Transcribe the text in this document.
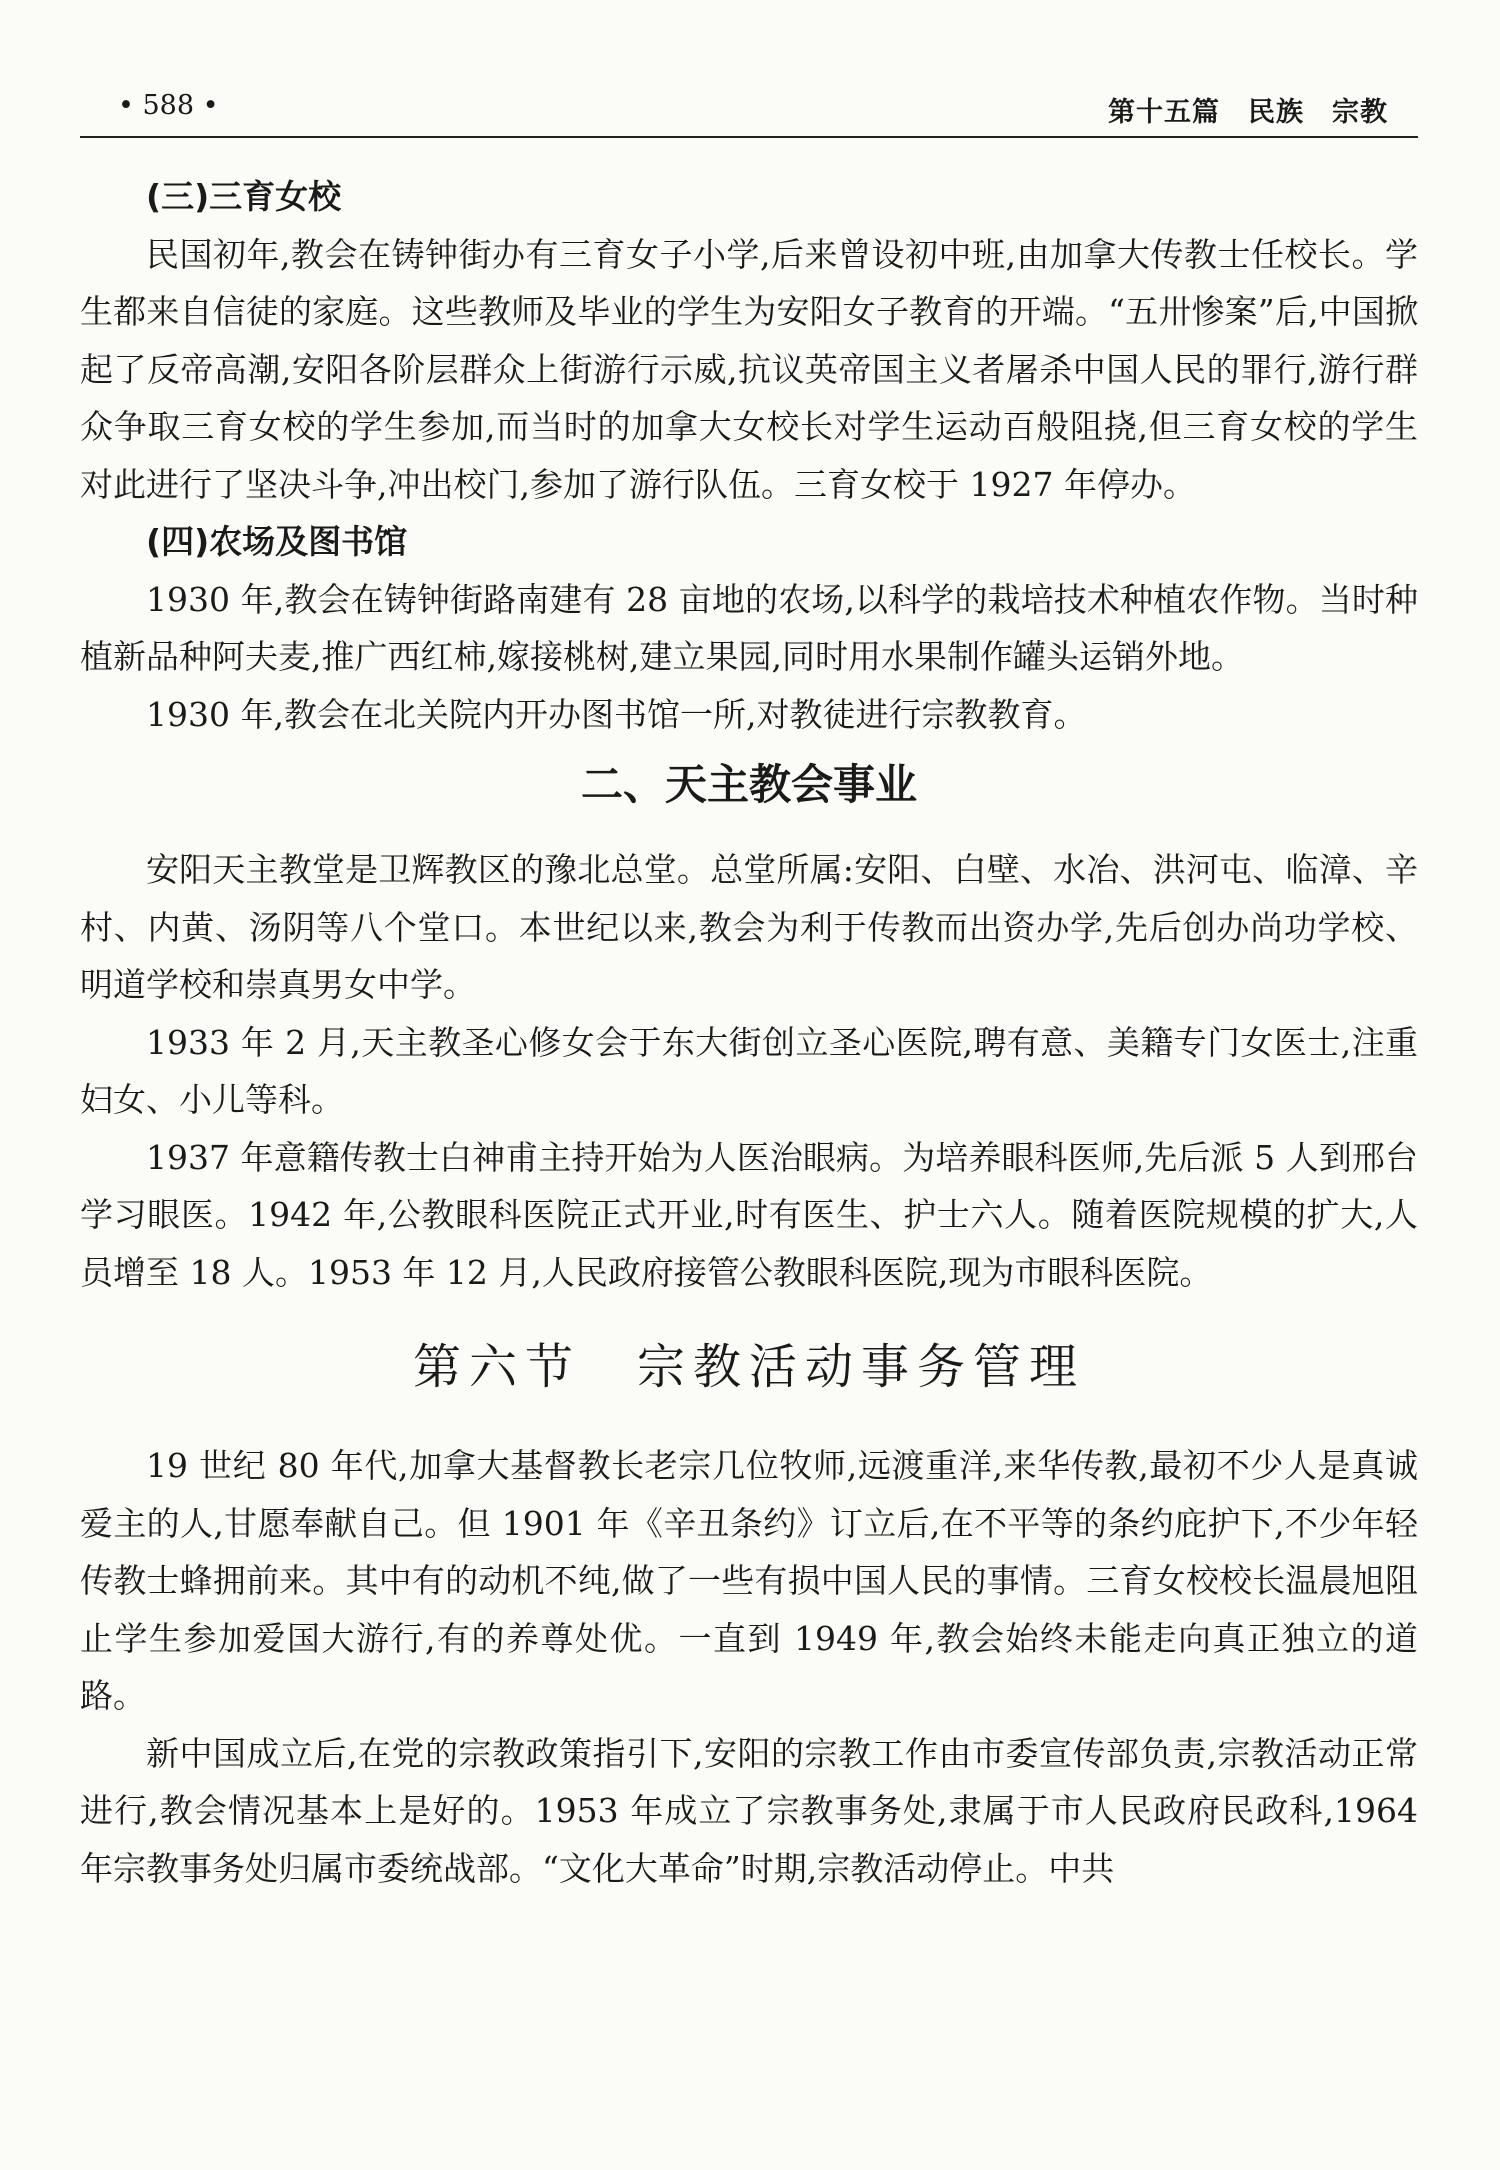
• 588 •	第十五篇　民族　宗教
(三)三育女校

民国初年,教会在铸钟街办有三育女子小学,后来曾设初中班,由加拿大传教士任校长。学生都来自信徒的家庭。这些教师及毕业的学生为安阳女子教育的开端。“五卅惨案”后,中国掀起了反帝高潮,安阳各阶层群众上街游行示威,抗议英帝国主义者屠杀中国人民的罪行,游行群众争取三育女校的学生参加,而当时的加拿大女校长对学生运动百般阻挠,但三育女校的学生对此进行了坚决斗争,冲出校门,参加了游行队伍。三育女校于 1927 年停办。

(四)农场及图书馆

1930 年,教会在铸钟街路南建有 28 亩地的农场,以科学的栽培技术种植农作物。当时种植新品种阿夫麦,推广西红柿,嫁接桃树,建立果园,同时用水果制作罐头运销外地。

1930 年,教会在北关院内开办图书馆一所,对教徒进行宗教教育。

二、天主教会事业

安阳天主教堂是卫辉教区的豫北总堂。总堂所属:安阳、白壁、水冶、洪河屯、临漳、辛村、内黄、汤阴等八个堂口。本世纪以来,教会为利于传教而出资办学,先后创办尚功学校、明道学校和崇真男女中学。

1933 年 2 月,天主教圣心修女会于东大街创立圣心医院,聘有意、美籍专门女医士,注重妇女、小儿等科。

1937 年意籍传教士白神甫主持开始为人医治眼病。为培养眼科医师,先后派 5 人到邢台学习眼医。1942 年,公教眼科医院正式开业,时有医生、护士六人。随着医院规模的扩大,人员增至 18 人。1953 年 12 月,人民政府接管公教眼科医院,现为市眼科医院。

第六节　宗教活动事务管理

19 世纪 80 年代,加拿大基督教长老宗几位牧师,远渡重洋,来华传教,最初不少人是真诚爱主的人,甘愿奉献自己。但 1901 年《辛丑条约》订立后,在不平等的条约庇护下,不少年轻传教士蜂拥前来。其中有的动机不纯,做了一些有损中国人民的事情。三育女校校长温晨旭阻止学生参加爱国大游行,有的养尊处优。一直到 1949 年,教会始终未能走向真正独立的道路。

新中国成立后,在党的宗教政策指引下,安阳的宗教工作由市委宣传部负责,宗教活动正常进行,教会情况基本上是好的。1953 年成立了宗教事务处,隶属于市人民政府民政科,1964 年宗教事务处归属市委统战部。“文化大革命”时期,宗教活动停止。中共
